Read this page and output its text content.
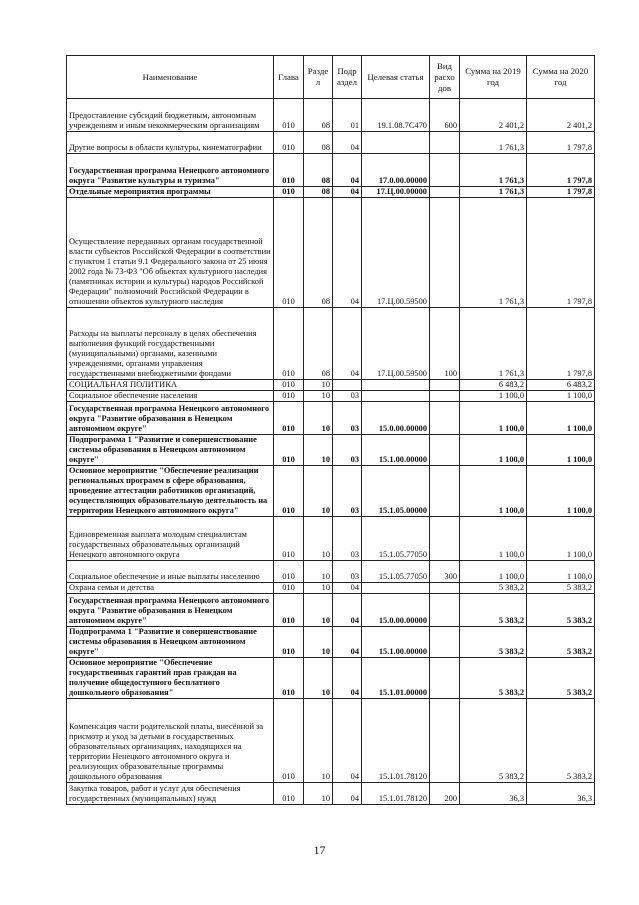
Наименование	Глава	Разде л	Подр аздел	Целевая статья	Вид расхо дов	Сумма на 2019 год	Сумма на 2020 год
Предоставление субсидий бюджетным, автономным учреждениям и иным некоммерческим организациям	010	08	01	19.1.08.7С470	600	2 401,2	2 401,2
Другие вопросы в области культуры, кинематографии	010	08	04			1 761,3	1 797,8
Государственная программа Ненецкого автономного округа "Развитие культуры и туризма"	010	08	04	17.0.00.00000		1 761,3	1 797,8
Отдельные мероприятия программы	010	08	04	17.Ц.00.00000		1 761,3	1 797,8
Осуществление переданных органам государственной власти субъектов Российской Федерации в соответствии с пунктом 1 статьи 9.1 Федерального закона от 25 июня 2002 года № 73-ФЗ "Об объектах культурного наследия (памятниках истории и культуры) народов Российской Федерации" полномочий Российской Федерации в отношении объектов культурного наследия	010	08	04	17.Ц.00.59500		1 761,3	1 797,8
Расходы на выплаты персоналу в целях обеспечения выполнения функций государственными (муниципальными) органами, казенными учреждениями, органами управления государственными внебюджетными фондами	010	08	04	17.Ц.00.59500	100	1 761,3	1 797,8
СОЦИАЛЬНАЯ ПОЛИТИКА	010	10				6 483,2	6 483,2
Социальное обеспечение населения	010	10	03			1 100,0	1 100,0
Государственная программа Ненецкого автономного округа "Развитие образования в Ненецком автономном округе"	010	10	03	15.0.00.00000		1 100,0	1 100,0
Подпрограмма 1 "Развитие и совершенствование системы образования в Ненецком автономном округе"	010	10	03	15.1.00.00000		1 100,0	1 100,0
Основное мероприятие "Обеспечение реализации региональных программ в сфере образования, проведение аттестации работников организаций, осуществляющих образовательную деятельность на территории Ненецкого автономного округа"	010	10	03	15.1.05.00000		1 100,0	1 100,0
Единовременная выплата молодым специалистам государственных образовательных организаций Ненецкого автономного округа	010	10	03	15.1.05.77050		1 100,0	1 100,0
Социальное обеспечение и иные выплаты населению	010	10	03	15.1.05.77050	300	1 100,0	1 100,0
Охрана семьи и детства	010	10	04			5 383,2	5 383,2
Государственная программа Ненецкого автономного округа "Развитие образования в Ненецком автономном округе"	010	10	04	15.0.00.00000		5 383,2	5 383,2
Подпрограмма 1 "Развитие и совершенствование системы образования в Ненецком автономном округе"	010	10	04	15.1.00.00000		5 383,2	5 383,2
Основное мероприятие "Обеспечение государственных гарантий прав граждан на получение общедоступного бесплатного дошкольного образования"	010	10	04	15.1.01.00000		5 383,2	5 383,2
Компенсация части родительской платы, внесённой за присмотр и уход за детьми в государственных образовательных организациях, находящихся на территории Ненецкого автономного округа и реализующих образовательные программы дошкольного образования	010	10	04	15.1.01.78120		5 383,2	5 383,2
Закупка товаров, работ и услуг для обеспечения государственных (муниципальных) нужд	010	10	04	15.1.01.78120	200	36,3	36,3
17
